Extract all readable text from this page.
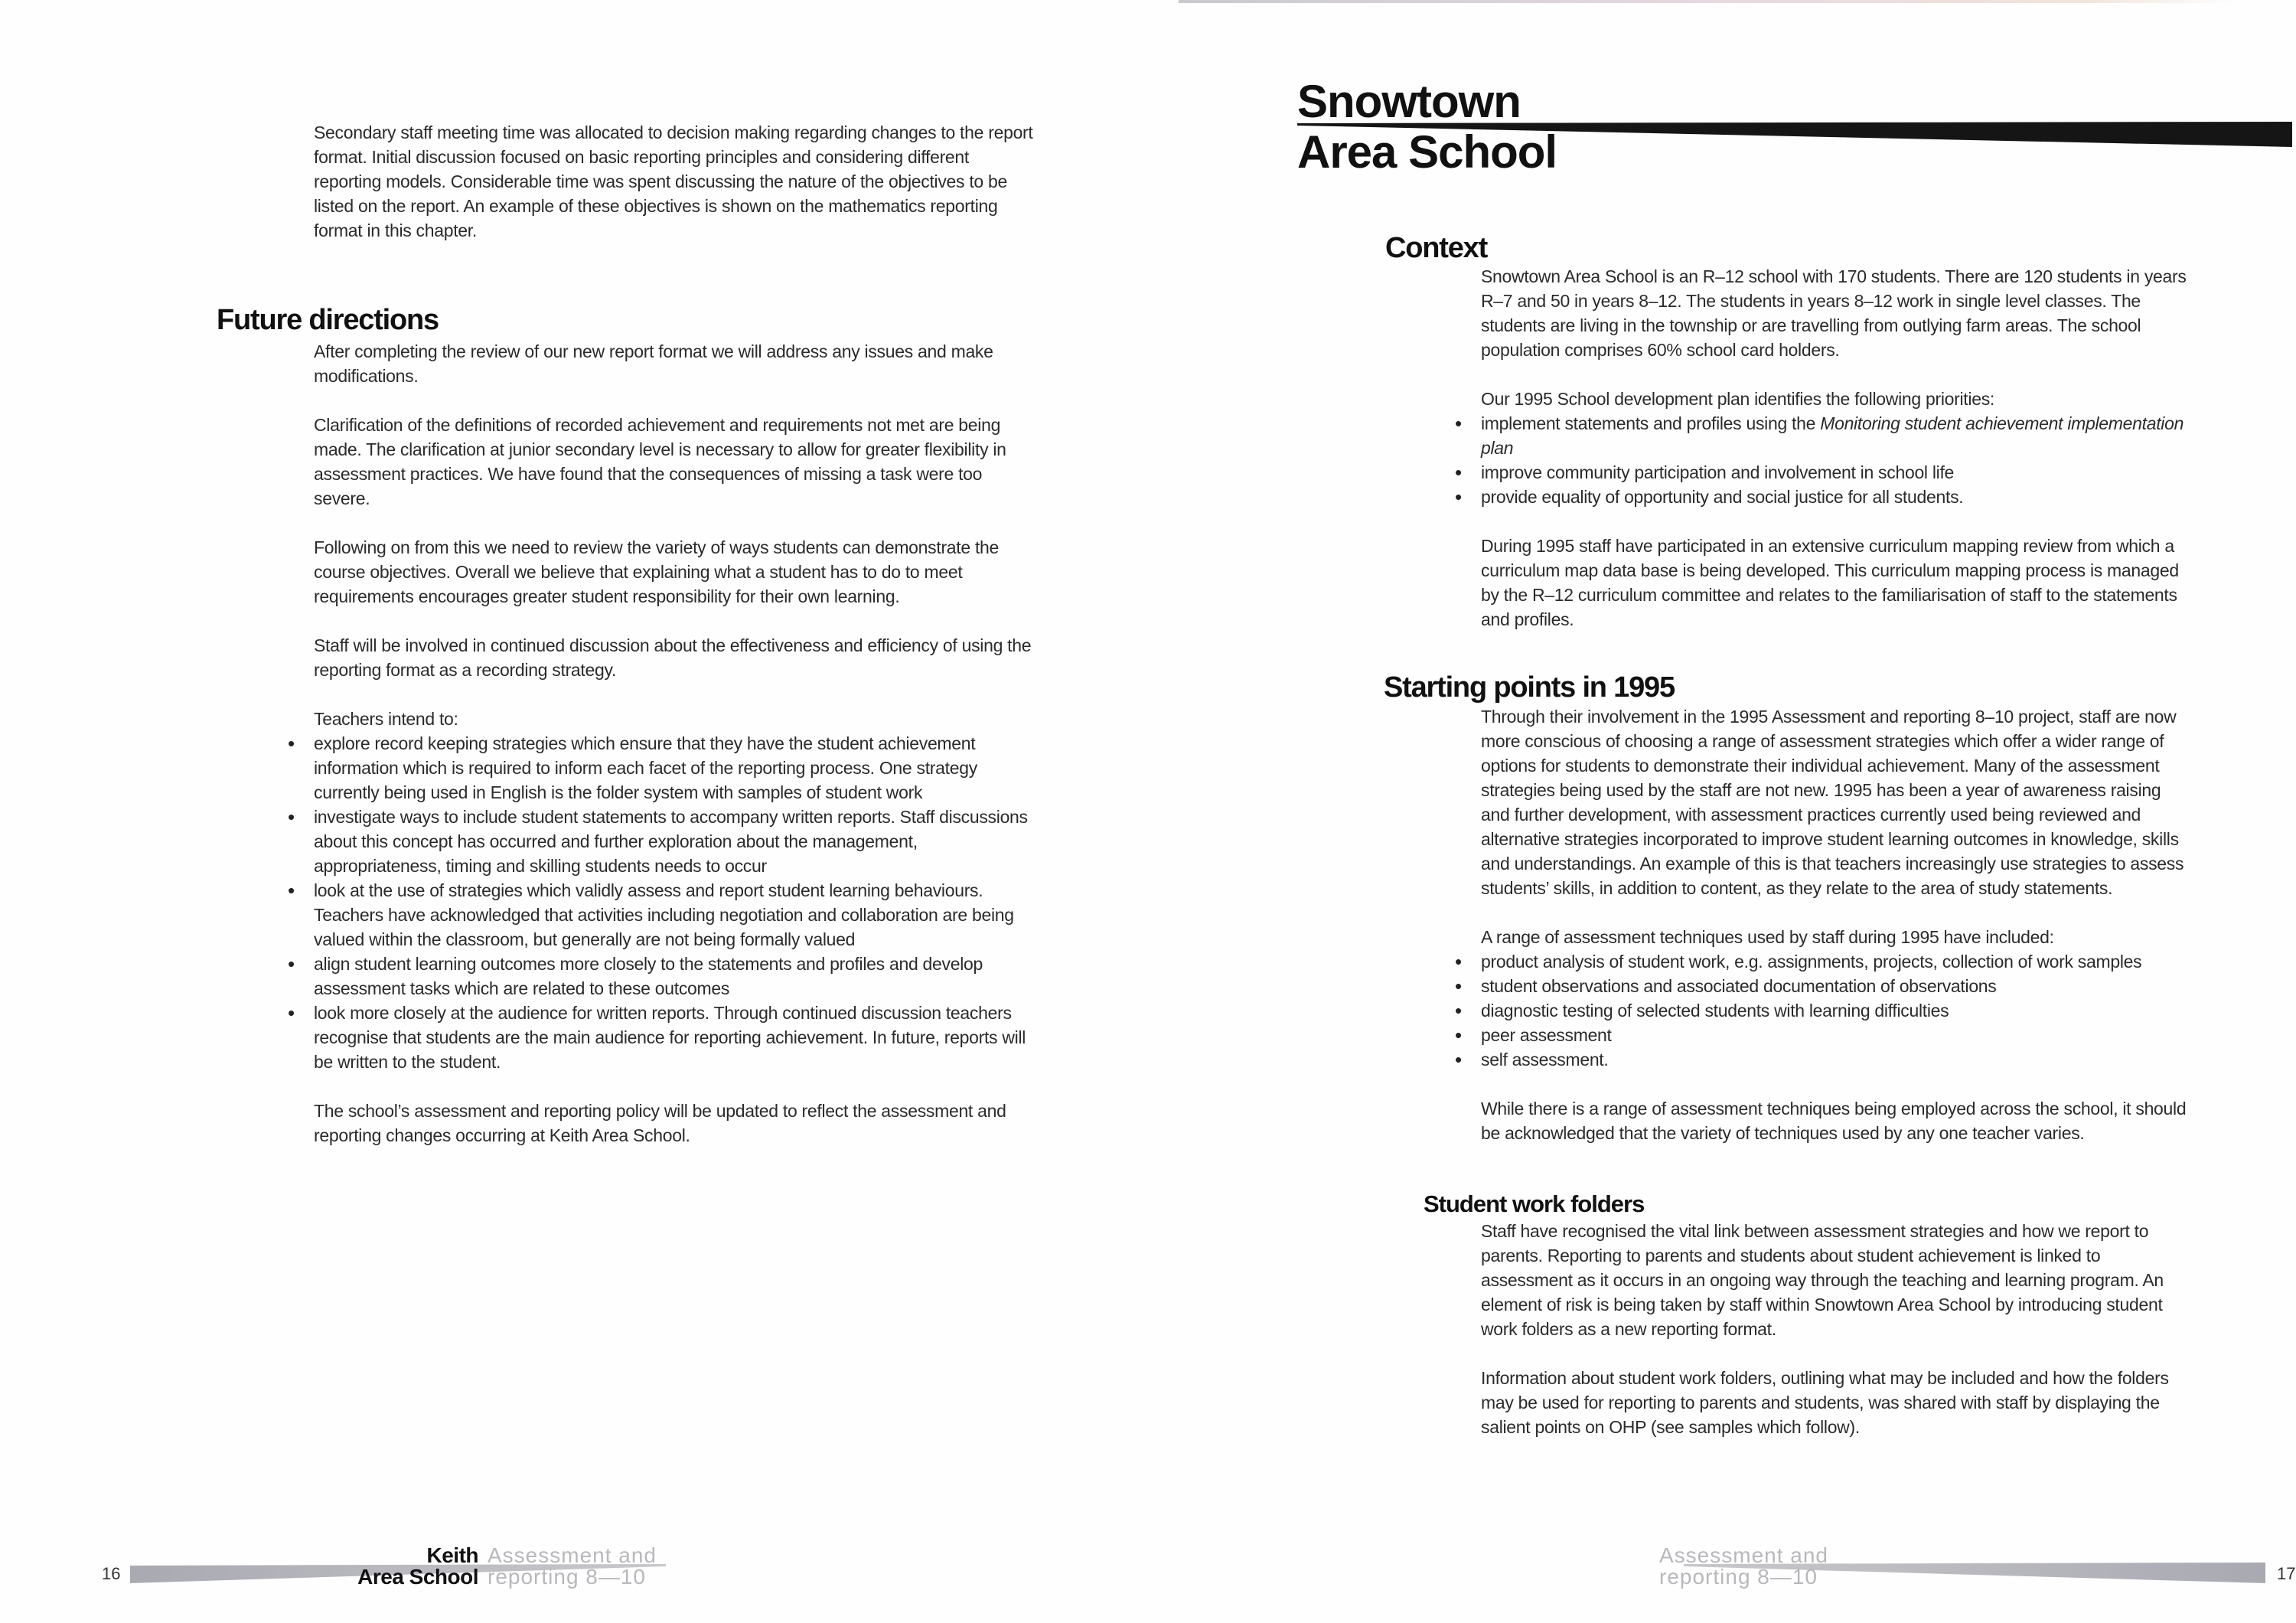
Secondary staff meeting time was allocated to decision making regarding changes to the report format. Initial discussion focused on basic reporting principles and considering different reporting models. Considerable time was spent discussing the nature of the objectives to be listed on the report. An example of these objectives is shown on the mathematics reporting format in this chapter.

Future directions

After completing the review of our new report format we will address any issues and make modifications.

Clarification of the definitions of recorded achievement and requirements not met are being made. The clarification at junior secondary level is necessary to allow for greater flexibility in assessment practices. We have found that the consequences of missing a task were too severe.

Following on from this we need to review the variety of ways students can demonstrate the course objectives. Overall we believe that explaining what a student has to do to meet requirements encourages greater student responsibility for their own learning.

Staff will be involved in continued discussion about the effectiveness and efficiency of using the reporting format as a recording strategy.

Teachers intend to:

• explore record keeping strategies which ensure that they have the student achievement information which is required to inform each facet of the reporting process. One strategy currently being used in English is the folder system with samples of student work
• investigate ways to include student statements to accompany written reports. Staff discussions about this concept has occurred and further exploration about the management, appropriateness, timing and skilling students needs to occur
• look at the use of strategies which validly assess and report student learning behaviours. Teachers have acknowledged that activities including negotiation and collaboration are being valued within the classroom, but generally are not being formally valued
• align student learning outcomes more closely to the statements and profiles and develop assessment tasks which are related to these outcomes
• look more closely at the audience for written reports. Through continued discussion teachers recognise that students are the main audience for reporting achievement. In future, reports will be written to the student.

The school’s assessment and reporting policy will be updated to reflect the assessment and reporting changes occurring at Keith Area School.

16
Keith
Area School
Assessment and
reporting 8—10
Snowtown
Area School
Context

Snowtown Area School is an R–12 school with 170 students. There are 120 students in years R–7 and 50 in years 8–12. The students in years 8–12 work in single level classes. The students are living in the township or are travelling from outlying farm areas. The school population comprises 60% school card holders.

Our 1995 School development plan identifies the following priorities:

• implement statements and profiles using the Monitoring student achievement implementation plan
• improve community participation and involvement in school life
• provide equality of opportunity and social justice for all students.

During 1995 staff have participated in an extensive curriculum mapping review from which a curriculum map data base is being developed. This curriculum mapping process is managed by the R–12 curriculum committee and relates to the familiarisation of staff to the statements and profiles.

Starting points in 1995

Through their involvement in the 1995 Assessment and reporting 8–10 project, staff are now more conscious of choosing a range of assessment strategies which offer a wider range of options for students to demonstrate their individual achievement. Many of the assessment strategies being used by the staff are not new. 1995 has been a year of awareness raising and further development, with assessment practices currently used being reviewed and alternative strategies incorporated to improve student learning outcomes in knowledge, skills and understandings. An example of this is that teachers increasingly use strategies to assess students’ skills, in addition to content, as they relate to the area of study statements.

A range of assessment techniques used by staff during 1995 have included:

• product analysis of student work, e.g. assignments, projects, collection of work samples
• student observations and associated documentation of observations
• diagnostic testing of selected students with learning difficulties
• peer assessment
• self assessment.

While there is a range of assessment techniques being employed across the school, it should be acknowledged that the variety of techniques used by any one teacher varies.

Student work folders

Staff have recognised the vital link between assessment strategies and how we report to parents. Reporting to parents and students about student achievement is linked to assessment as it occurs in an ongoing way through the teaching and learning program. An element of risk is being taken by staff within Snowtown Area School by introducing student work folders as a new reporting format.

Information about student work folders, outlining what may be included and how the folders may be used for reporting to parents and students, was shared with staff by displaying the salient points on OHP (see samples which follow).

Assessment and
reporting 8—10	17
